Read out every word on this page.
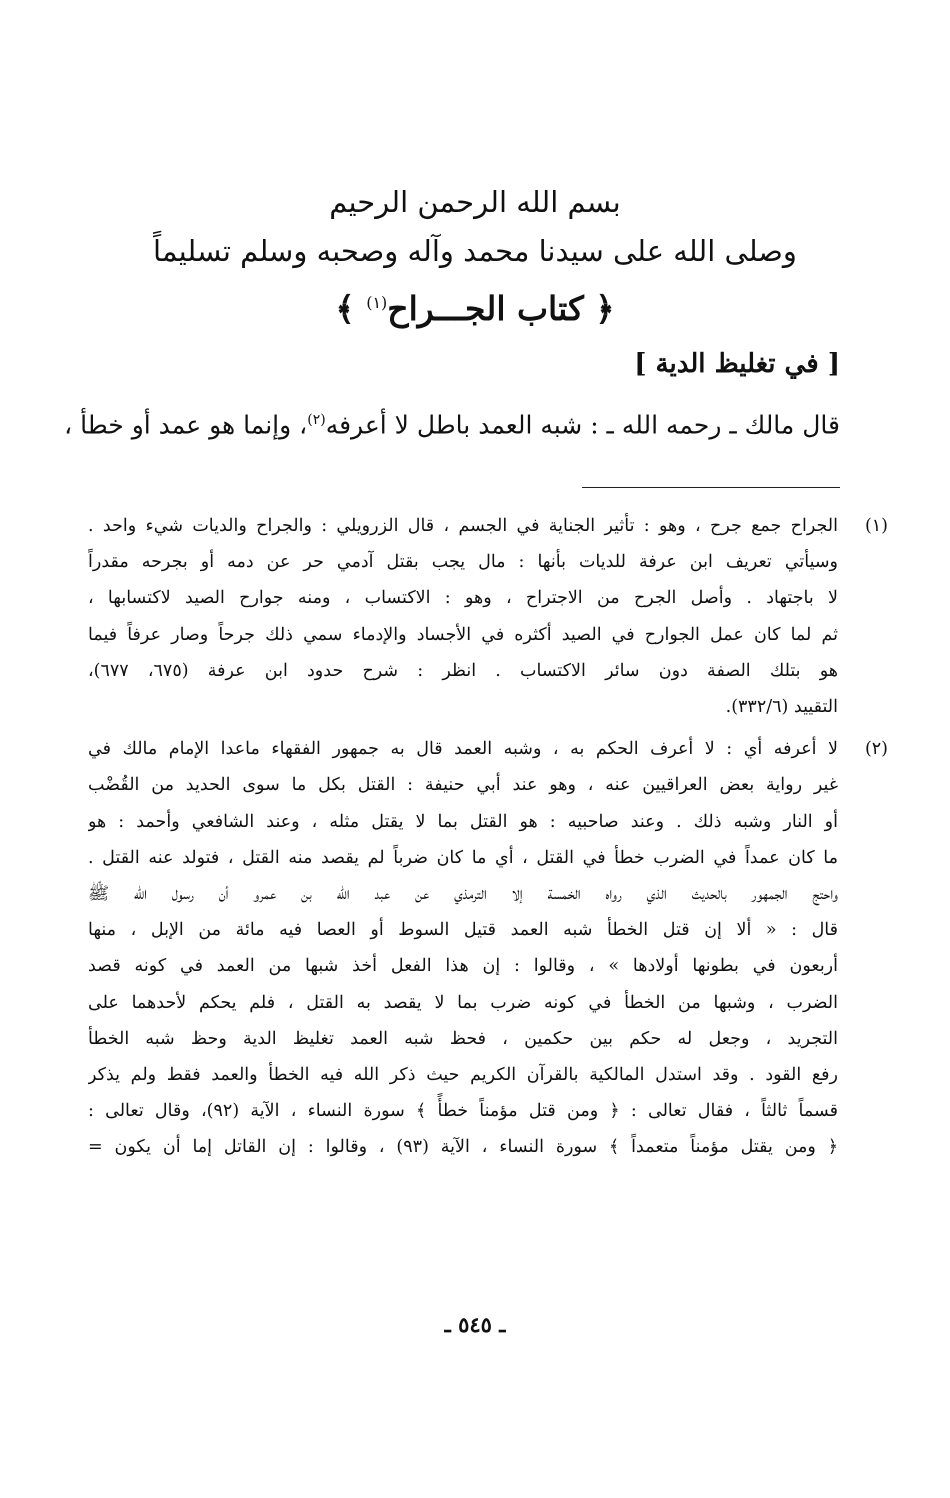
بسم الله الرحمن الرحيم
وصلى الله على سيدنا محمد وآله وصحبه وسلم تسليماً
﴿ كتاب الجـــراح$^{(١)}$ ﴾
[ في تغليظ الدية ]
قال مالك ـ رحمه الله ـ : شبه العمد باطل لا أعرفه$^{(٢)}$، وإنما هو عمد أو خطأ ،
(١)
الجراح جمع جرح ، وهو : تأثير الجناية في الجسم ، قال الزرويلي : والجراح والديات شيء واحد .
وسيأتي تعريف ابن عرفة للديات بأنها : مال يجب بقتل آدمي حر عن دمه أو بجرحه مقدراً
لا باجتهاد . وأصل الجرح من الاجتراح ، وهو : الاكتساب ، ومنه جوارح الصيد لاكتسابها ،
ثم لما كان عمل الجوارح في الصيد أكثره في الأجساد والإدماء سمي ذلك جرحاً وصار عرفاً فيما
هو بتلك الصفة دون سائر الاكتساب . انظر : شرح حدود ابن عرفة (٦٧٥، ٦٧٧)،
التقييد (٣٣٢/٦).
(٢)
لا أعرفه أي : لا أعرف الحكم به ، وشبه العمد قال به جمهور الفقهاء ماعدا الإمام مالك في
غير رواية بعض العراقيين عنه ، وهو عند أبي حنيفة : القتل بكل ما سوى الحديد من القُضْب
أو النار وشبه ذلك . وعند صاحبيه : هو القتل بما لا يقتل مثله ، وعند الشافعي وأحمد : هو
ما كان عمداً في الضرب خطأ في القتل ، أي ما كان ضرباً لم يقصد منه القتل ، فتولد عنه القتل .
واحتج الجمهور بالحديث الذي رواه الخمسة إلا الترمذي عن عبد الله بن عمرو أن رسول الله ﷺ
قال : « ألا إن قتل الخطأ شبه العمد قتيل السوط أو العصا فيه مائة من الإبل ، منها
أربعون في بطونها أولادها » ، وقالوا : إن هذا الفعل أخذ شبها من العمد في كونه قصد
الضرب ، وشبها من الخطأ في كونه ضرب بما لا يقصد به القتل ، فلم يحكم لأحدهما على
التجريد ، وجعل له حكم بين حكمين ، فحظ شبه العمد تغليظ الدية وحظ شبه الخطأ
رفع القود . وقد استدل المالكية بالقرآن الكريم حيث ذكر الله فيه الخطأ والعمد فقط ولم يذكر
قسماً ثالثاً ، فقال تعالى : ﴿ ومن قتل مؤمناً خطأً ﴾ سورة النساء ، الآية (٩٢)، وقال تعالى :
﴿ ومن يقتل مؤمناً متعمداً ﴾ سورة النساء ، الآية (٩٣) ، وقالوا : إن القاتل إما أن يكون =
ـ ٥٤٥ ـ
